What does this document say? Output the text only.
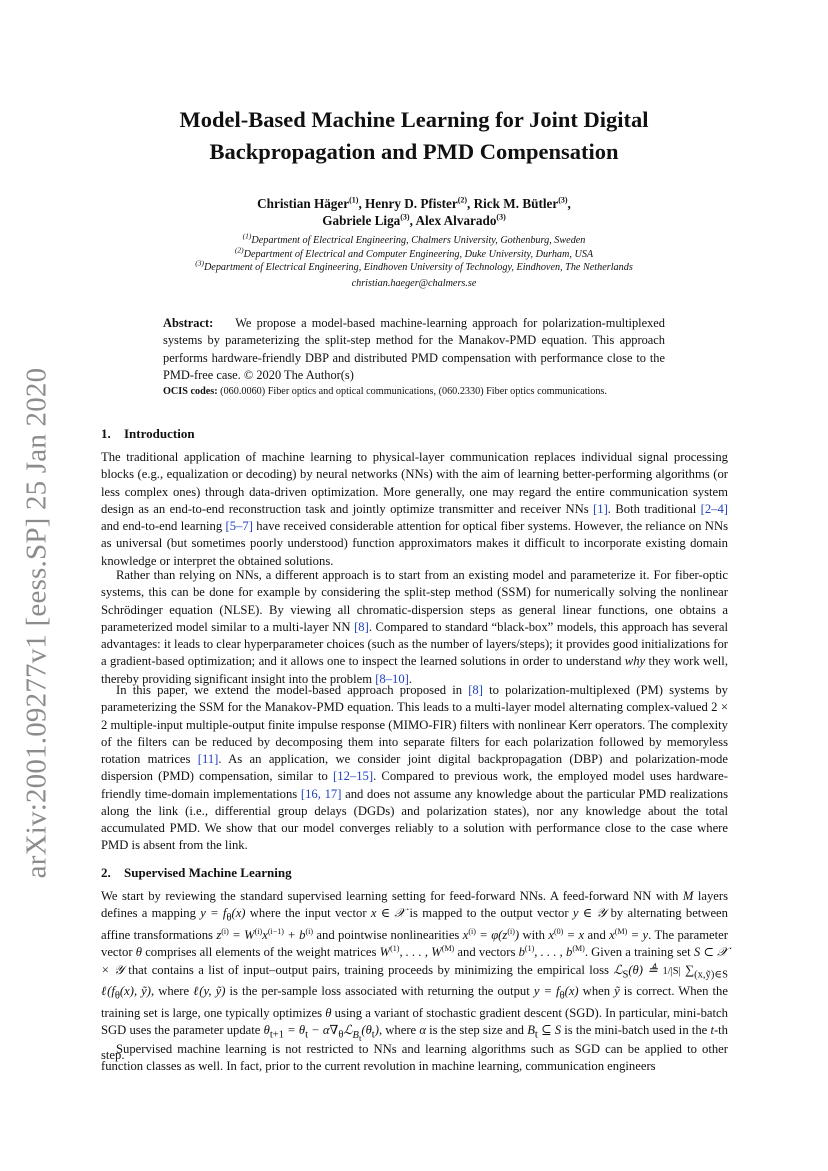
arXiv:2001.09277v1 [eess.SP] 25 Jan 2020
Model-Based Machine Learning for Joint Digital
Backpropagation and PMD Compensation
Christian Häger$^{(1)}$, Henry D. Pfister$^{(2)}$, Rick M. Bütler$^{(3)}$,
Gabriele Liga$^{(3)}$, Alex Alvarado$^{(3)}$
$^{(1)}$Department of Electrical Engineering, Chalmers University, Gothenburg, Sweden
$^{(2)}$Department of Electrical and Computer Engineering, Duke University, Durham, USA
$^{(3)}$Department of Electrical Engineering, Eindhoven University of Technology, Eindhoven, The Netherlands
christian.haeger@chalmers.se
Abstract: We propose a model-based machine-learning approach for polarization-multiplexed systems by parameterizing the split-step method for the Manakov-PMD equation. This approach performs hardware-friendly DBP and distributed PMD compensation with performance close to the PMD-free case. © 2020 The Author(s)
OCIS codes: (060.0060) Fiber optics and optical communications, (060.2330) Fiber optics communications.
1. Introduction

The traditional application of machine learning to physical-layer communication replaces individual signal processing blocks (e.g., equalization or decoding) by neural networks (NNs) with the aim of learning better-performing algorithms (or less complex ones) through data-driven optimization. More generally, one may regard the entire communication system design as an end-to-end reconstruction task and jointly optimize transmitter and receiver NNs [1]. Both traditional [2–4] and end-to-end learning [5–7] have received considerable attention for optical fiber systems. However, the reliance on NNs as universal (but sometimes poorly understood) function approximators makes it difficult to incorporate existing domain knowledge or interpret the obtained solutions.

Rather than relying on NNs, a different approach is to start from an existing model and parameterize it. For fiber-optic systems, this can be done for example by considering the split-step method (SSM) for numerically solving the nonlinear Schrödinger equation (NLSE). By viewing all chromatic-dispersion steps as general linear functions, one obtains a parameterized model similar to a multi-layer NN [8]. Compared to standard “black-box” models, this approach has several advantages: it leads to clear hyperparameter choices (such as the number of layers/steps); it provides good initializations for a gradient-based optimization; and it allows one to inspect the learned solutions in order to understand why they work well, thereby providing significant insight into the problem [8–10].

In this paper, we extend the model-based approach proposed in [8] to polarization-multiplexed (PM) systems by parameterizing the SSM for the Manakov-PMD equation. This leads to a multi-layer model alternating complex-valued 2 × 2 multiple-input multiple-output finite impulse response (MIMO-FIR) filters with nonlinear Kerr operators. The complexity of the filters can be reduced by decomposing them into separate filters for each polarization followed by memoryless rotation matrices [11]. As an application, we consider joint digital backpropagation (DBP) and polarization-mode dispersion (PMD) compensation, similar to [12–15]. Compared to previous work, the employed model uses hardware-friendly time-domain implementations [16, 17] and does not assume any knowledge about the particular PMD realizations along the link (i.e., differential group delays (DGDs) and polarization states), nor any knowledge about the total accumulated PMD. We show that our model converges reliably to a solution with performance close to the case where PMD is absent from the link.

2. Supervised Machine Learning

We start by reviewing the standard supervised learning setting for feed-forward NNs. A feed-forward NN with M layers defines a mapping $y = f_\theta(x)$ where the input vector x ∈ 𝒳 is mapped to the output vector y ∈ 𝒴 by alternating between affine transformations $z^{(i)} = W^{(i)}x^{(i-1)} + b^{(i)}$ and pointwise nonlinearities $x^{(i)} = \varphi(z^{(i)})$ with $x^{(0)} = x$ and $x^{(M)} = y$. The parameter vector θ comprises all elements of the weight matrices $W^{(1)}$, . . . , $W^{(M)}$ and vectors $b^{(1)}$, . . . , $b^{(M)}$. Given a training set S ⊂ 𝒳 × 𝒴 that contains a list of input–output pairs, training proceeds by minimizing the empirical loss ℒ$_S$(θ) ≜ 1/|S| $\sum_{(x,ỹ)\in S}$ $\ell(f_\theta(x)$, ỹ), where ℓ(y, ỹ) is the per-sample loss associated with returning the output $y = f_\theta(x)$ when ỹ is correct. When the training set is large, one typically optimizes θ using a variant of stochastic gradient descent (SGD). In particular, mini-batch SGD uses the parameter update $\theta_{t+1} = \theta_t$ − $\alpha\nabla_\theta ℒ_{B_t}(\theta_t)$, where α is the step size and $B_t$ ⊆ S is the mini-batch used in the t-th step.

Supervised machine learning is not restricted to NNs and learning algorithms such as SGD can be applied to other function classes as well. In fact, prior to the current revolution in machine learning, communication engineers
